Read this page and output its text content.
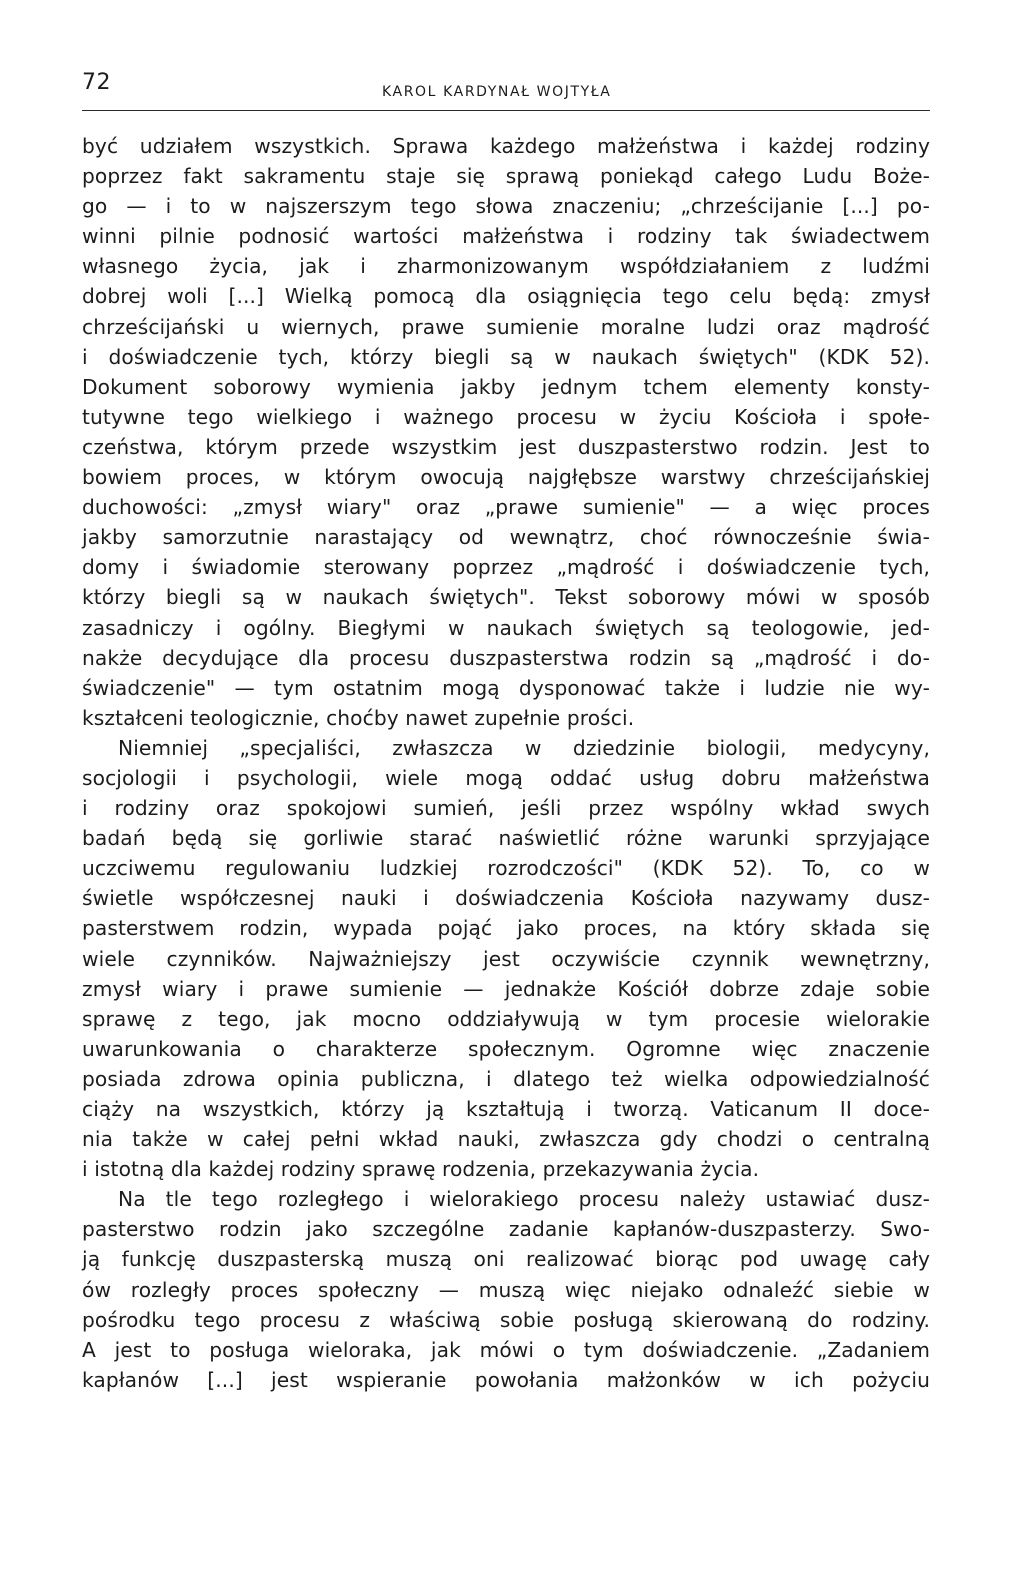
72	KAROL KARDYNAŁ WOJTYŁA
być udziałem wszystkich. Sprawa każdego małżeństwa i każdej rodziny
poprzez fakt sakramentu staje się sprawą poniekąd całego Ludu Boże-
go — i to w najszerszym tego słowa znaczeniu; „chrześcijanie [...] po-
winni pilnie podnosić wartości małżeństwa i rodziny tak świadectwem
własnego życia, jak i zharmonizowanym współdziałaniem z ludźmi
dobrej woli [...] Wielką pomocą dla osiągnięcia tego celu będą: zmysł
chrześcijański u wiernych, prawe sumienie moralne ludzi oraz mądrość
i doświadczenie tych, którzy biegli są w naukach świętych" (KDK 52).
Dokument soborowy wymienia jakby jednym tchem elementy konsty-
tutywne tego wielkiego i ważnego procesu w życiu Kościoła i społe-
czeństwa, którym przede wszystkim jest duszpasterstwo rodzin. Jest to
bowiem proces, w którym owocują najgłębsze warstwy chrześcijańskiej
duchowości: „zmysł wiary" oraz „prawe sumienie" — a więc proces
jakby samorzutnie narastający od wewnątrz, choć równocześnie świa-
domy i świadomie sterowany poprzez „mądrość i doświadczenie tych,
którzy biegli są w naukach świętych". Tekst soborowy mówi w sposób
zasadniczy i ogólny. Biegłymi w naukach świętych są teologowie, jed-
nakże decydujące dla procesu duszpasterstwa rodzin są „mądrość i do-
świadczenie" — tym ostatnim mogą dysponować także i ludzie nie wy-
kształceni teologicznie, choćby nawet zupełnie prości.
Niemniej „specjaliści, zwłaszcza w dziedzinie biologii, medycyny,
socjologii i psychologii, wiele mogą oddać usług dobru małżeństwa
i rodziny oraz spokojowi sumień, jeśli przez wspólny wkład swych
badań będą się gorliwie starać naświetlić różne warunki sprzyjające
uczciwemu regulowaniu ludzkiej rozrodczości" (KDK 52). To, co w
świetle współczesnej nauki i doświadczenia Kościoła nazywamy dusz-
pasterstwem rodzin, wypada pojąć jako proces, na który składa się
wiele czynników. Najważniejszy jest oczywiście czynnik wewnętrzny,
zmysł wiary i prawe sumienie — jednakże Kościół dobrze zdaje sobie
sprawę z tego, jak mocno oddziaływują w tym procesie wielorakie
uwarunkowania o charakterze społecznym. Ogromne więc znaczenie
posiada zdrowa opinia publiczna, i dlatego też wielka odpowiedzialność
ciąży na wszystkich, którzy ją kształtują i tworzą. Vaticanum II doce-
nia także w całej pełni wkład nauki, zwłaszcza gdy chodzi o centralną
i istotną dla każdej rodziny sprawę rodzenia, przekazywania życia.
Na tle tego rozległego i wielorakiego procesu należy ustawiać dusz-
pasterstwo rodzin jako szczególne zadanie kapłanów-duszpasterzy. Swo-
ją funkcję duszpasterską muszą oni realizować biorąc pod uwagę cały
ów rozległy proces społeczny — muszą więc niejako odnaleźć siebie w
pośrodku tego procesu z właściwą sobie posługą skierowaną do rodziny.
A jest to posługa wieloraka, jak mówi o tym doświadczenie. „Zadaniem
kapłanów [...] jest wspieranie powołania małżonków w ich pożyciu
